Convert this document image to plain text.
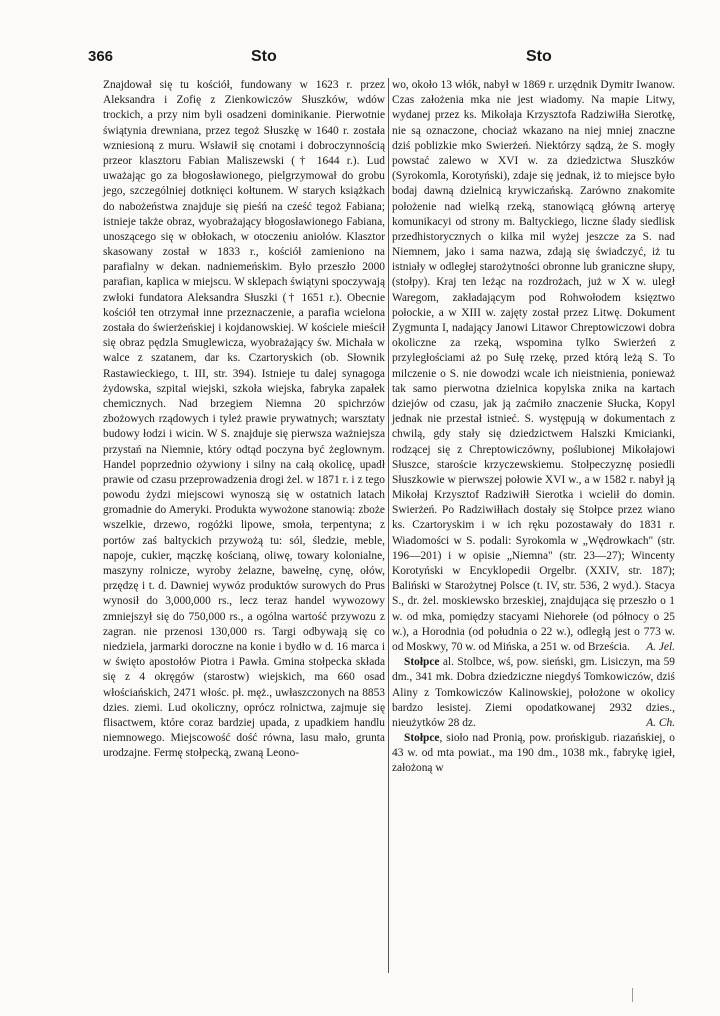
366	Sto	Sto

Znajdował się tu kościół, fundowany w 1623 r. przez Aleksandra i Zofię z Zienkowiczów Słuszków, wdów trockich, a przy nim byli osadzeni dominikanie. Pierwotnie świątynia drewniana, przez tegoż Słuszkę w 1640 r. została wzniesioną z muru. Wsławił się cnotami i dobroczynnością przeor klasztoru Fabian Maliszewski († 1644 r.). Lud uważając go za błogosławionego, pielgrzymował do grobu jego, szczególniej dotknięci kołtunem. W starych książkach do nabożeństwa znajduje się pieśń na cześć tegoż Fabiana; istnieje także obraz, wyobrażający błogosławionego Fabiana, unoszącego się w obłokach, w otoczeniu aniołów. Klasztor skasowany został w 1833 r., kościół zamieniono na parafialny w dekan. nadniemeńskim. Było przeszło 2000 parafian, kaplica w miejscu. W sklepach świątyni spoczywają zwłoki fundatora Aleksandra Słuszki († 1651 r.). Obecnie kościół ten otrzymał inne przeznaczenie, a parafia wcielona została do świerżeńskiej i kojdanowskiej. W kościele mieścił się obraz pędzla Smuglewicza, wyobrażający św. Michała w walce z szatanem, dar ks. Czartoryskich (ob. Słownik Rastawieckiego, t. III, str. 394). Istnieje tu dalej synagoga żydowska, szpital wiejski, szkoła wiejska, fabryka zapałek chemicznych. Nad brzegiem Niemna 20 spichrzów zbożowych rządowych i tyleż prawie prywatnych; warsztaty budowy łodzi i wicin. W S. znajduje się pierwsza ważniejsza przystań na Niemnie, który odtąd poczyna być żeglownym. Handel poprzednio ożywiony i silny na całą okolicę, upadł prawie od czasu przeprowadzenia drogi żel. w 1871 r. i z tego powodu żydzi miejscowi wynoszą się w ostatnich latach gromadnie do Ameryki. Produkta wywożone stanowią: zboże wszelkie, drzewo, rogóżki lipowe, smoła, terpentyna; z portów zaś baltyckich przywożą tu: sól, śledzie, meble, napoje, cukier, mączkę kościaną, oliwę, towary kolonialne, maszyny rolnicze, wyroby żelazne, bawełnę, cynę, ołów, przędzę i t. d. Dawniej wywóz produktów surowych do Prus wynosił do 3,000,000 rs., lecz teraz handel wywozowy zmniejszył się do 750,000 rs., a ogólna wartość przywozu z zagran. nie przenosi 130,000 rs. Targi odbywają się co niedziela, jarmarki doroczne na konie i bydło w d. 16 marca i w święto apostołów Piotra i Pawła. Gmina stołpecka składa się z 4 okręgów (starostw) wiejskich, ma 660 osad włościańskich, 2471 włośc. pł. męż., uwłaszczonych na 8853 dzies. ziemi. Lud okoliczny, oprócz rolnictwa, zajmuje się flisactwem, które coraz bardziej upada, z upadkiem handlu niemnowego. Miejscowość dość równa, lasu mało, grunta urodzajne. Fermę stołpecką, zwaną Leono-

wo, około 13 włók, nabył w 1869 r. urzędnik Dymitr Iwanow. Czas założenia mka nie jest wiadomy. Na mapie Litwy, wydanej przez ks. Mikołaja Krzysztofa Radziwiłła Sierotkę, nie są oznaczone, chociaż wkazano na niej mniej znaczne dziś poblizkie mko Swierżeń. Niektórzy sądzą, że S. mogły powstać zalewo w XVI w. za dziedzictwa Słuszków (Syrokomla, Korotyński), zdaje się jednak, iż to miejsce było bodaj dawną dzielnicą krywiczańską. Zarówno znakomite położenie nad wielką rzeką, stanowiącą główną arteryę komunikacyi od strony m. Baltyckiego, liczne ślady siedlisk przedhistorycznych o kilka mil wyżej jeszcze za S. nad Niemnem, jako i sama nazwa, zdają się świadczyć, iż tu istniały w odległej starożytności obronne lub graniczne słupy, (stołpy). Kraj ten leżąc na rozdrożach, już w X w. uległ Waregom, zakładającym pod Rohwołodem księztwo połockie, a w XIII w. zajęty został przez Litwę. Dokument Zygmunta I, nadający Janowi Litawor Chreptowiczowi dobra okoliczne za rzeką, wspomina tylko Swierżeń z przyległościami aż po Sułę rzekę, przed którą leżą S. To milczenie o S. nie dowodzi wcale ich nieistnienia, ponieważ tak samo pierwotna dzielnica kopylska znika na kartach dziejów od czasu, jak ją zaćmiło znaczenie Słucka, Kopyl jednak nie przestał istnieć. S. występują w dokumentach z chwilą, gdy stały się dziedzictwem Halszki Kmicianki, rodzącej się z Chreptowiczówny, poślubionej Mikołajowi Słuszce, staroście krzyczewskiemu. Stołpeczyznę posiedli Słuszkowie w pierwszej połowie XVI w., a w 1582 r. nabył ją Mikołaj Krzysztof Radziwiłł Sierotka i wcielił do domin. Swierżeń. Po Radziwiłłach dostały się Stołpce przez wiano ks. Czartoryskim i w ich ręku pozostawały do 1831 r. Wiadomości w S. podali: Syrokomla w „Wędrowkach" (str. 196—201) i w opisie „Niemna" (str. 23—27); Wincenty Korotyński w Encyklopedii Orgelbr. (XXIV, str. 187); Baliński w Starożytnej Polsce (t. IV, str. 536, 2 wyd.). Stacya S., dr. żel. moskiewsko brzeskiej, znajdująca się przeszło o 1 w. od mka, pomiędzy stacyami Niehorełe (od północy o 25 w.), a Horodnia (od południa o 22 w.), odległą jest o 773 w. od Moskwy, 70 w. od Mińska, a 251 w. od Brześcia. A. Jel.

Stołpce al. Stolbce, wś, pow. sieński, gm. Lisiczyn, ma 59 dm., 341 mk. Dobra dziedziczne niegdyś Tomkowiczów, dziś Aliny z Tomkowiczów Kalinowskiej, położone w okolicy bardzo lesistej. Ziemi opodatkowanej 2932 dzies., nieużytków 28 dz.	A. Ch.

Stołpce, sioło nad Pronią, pow. prońskigub. riazańskiej, o 43 w. od mta powiat., ma 190 dm., 1038 mk., fabrykę igieł, założoną w
